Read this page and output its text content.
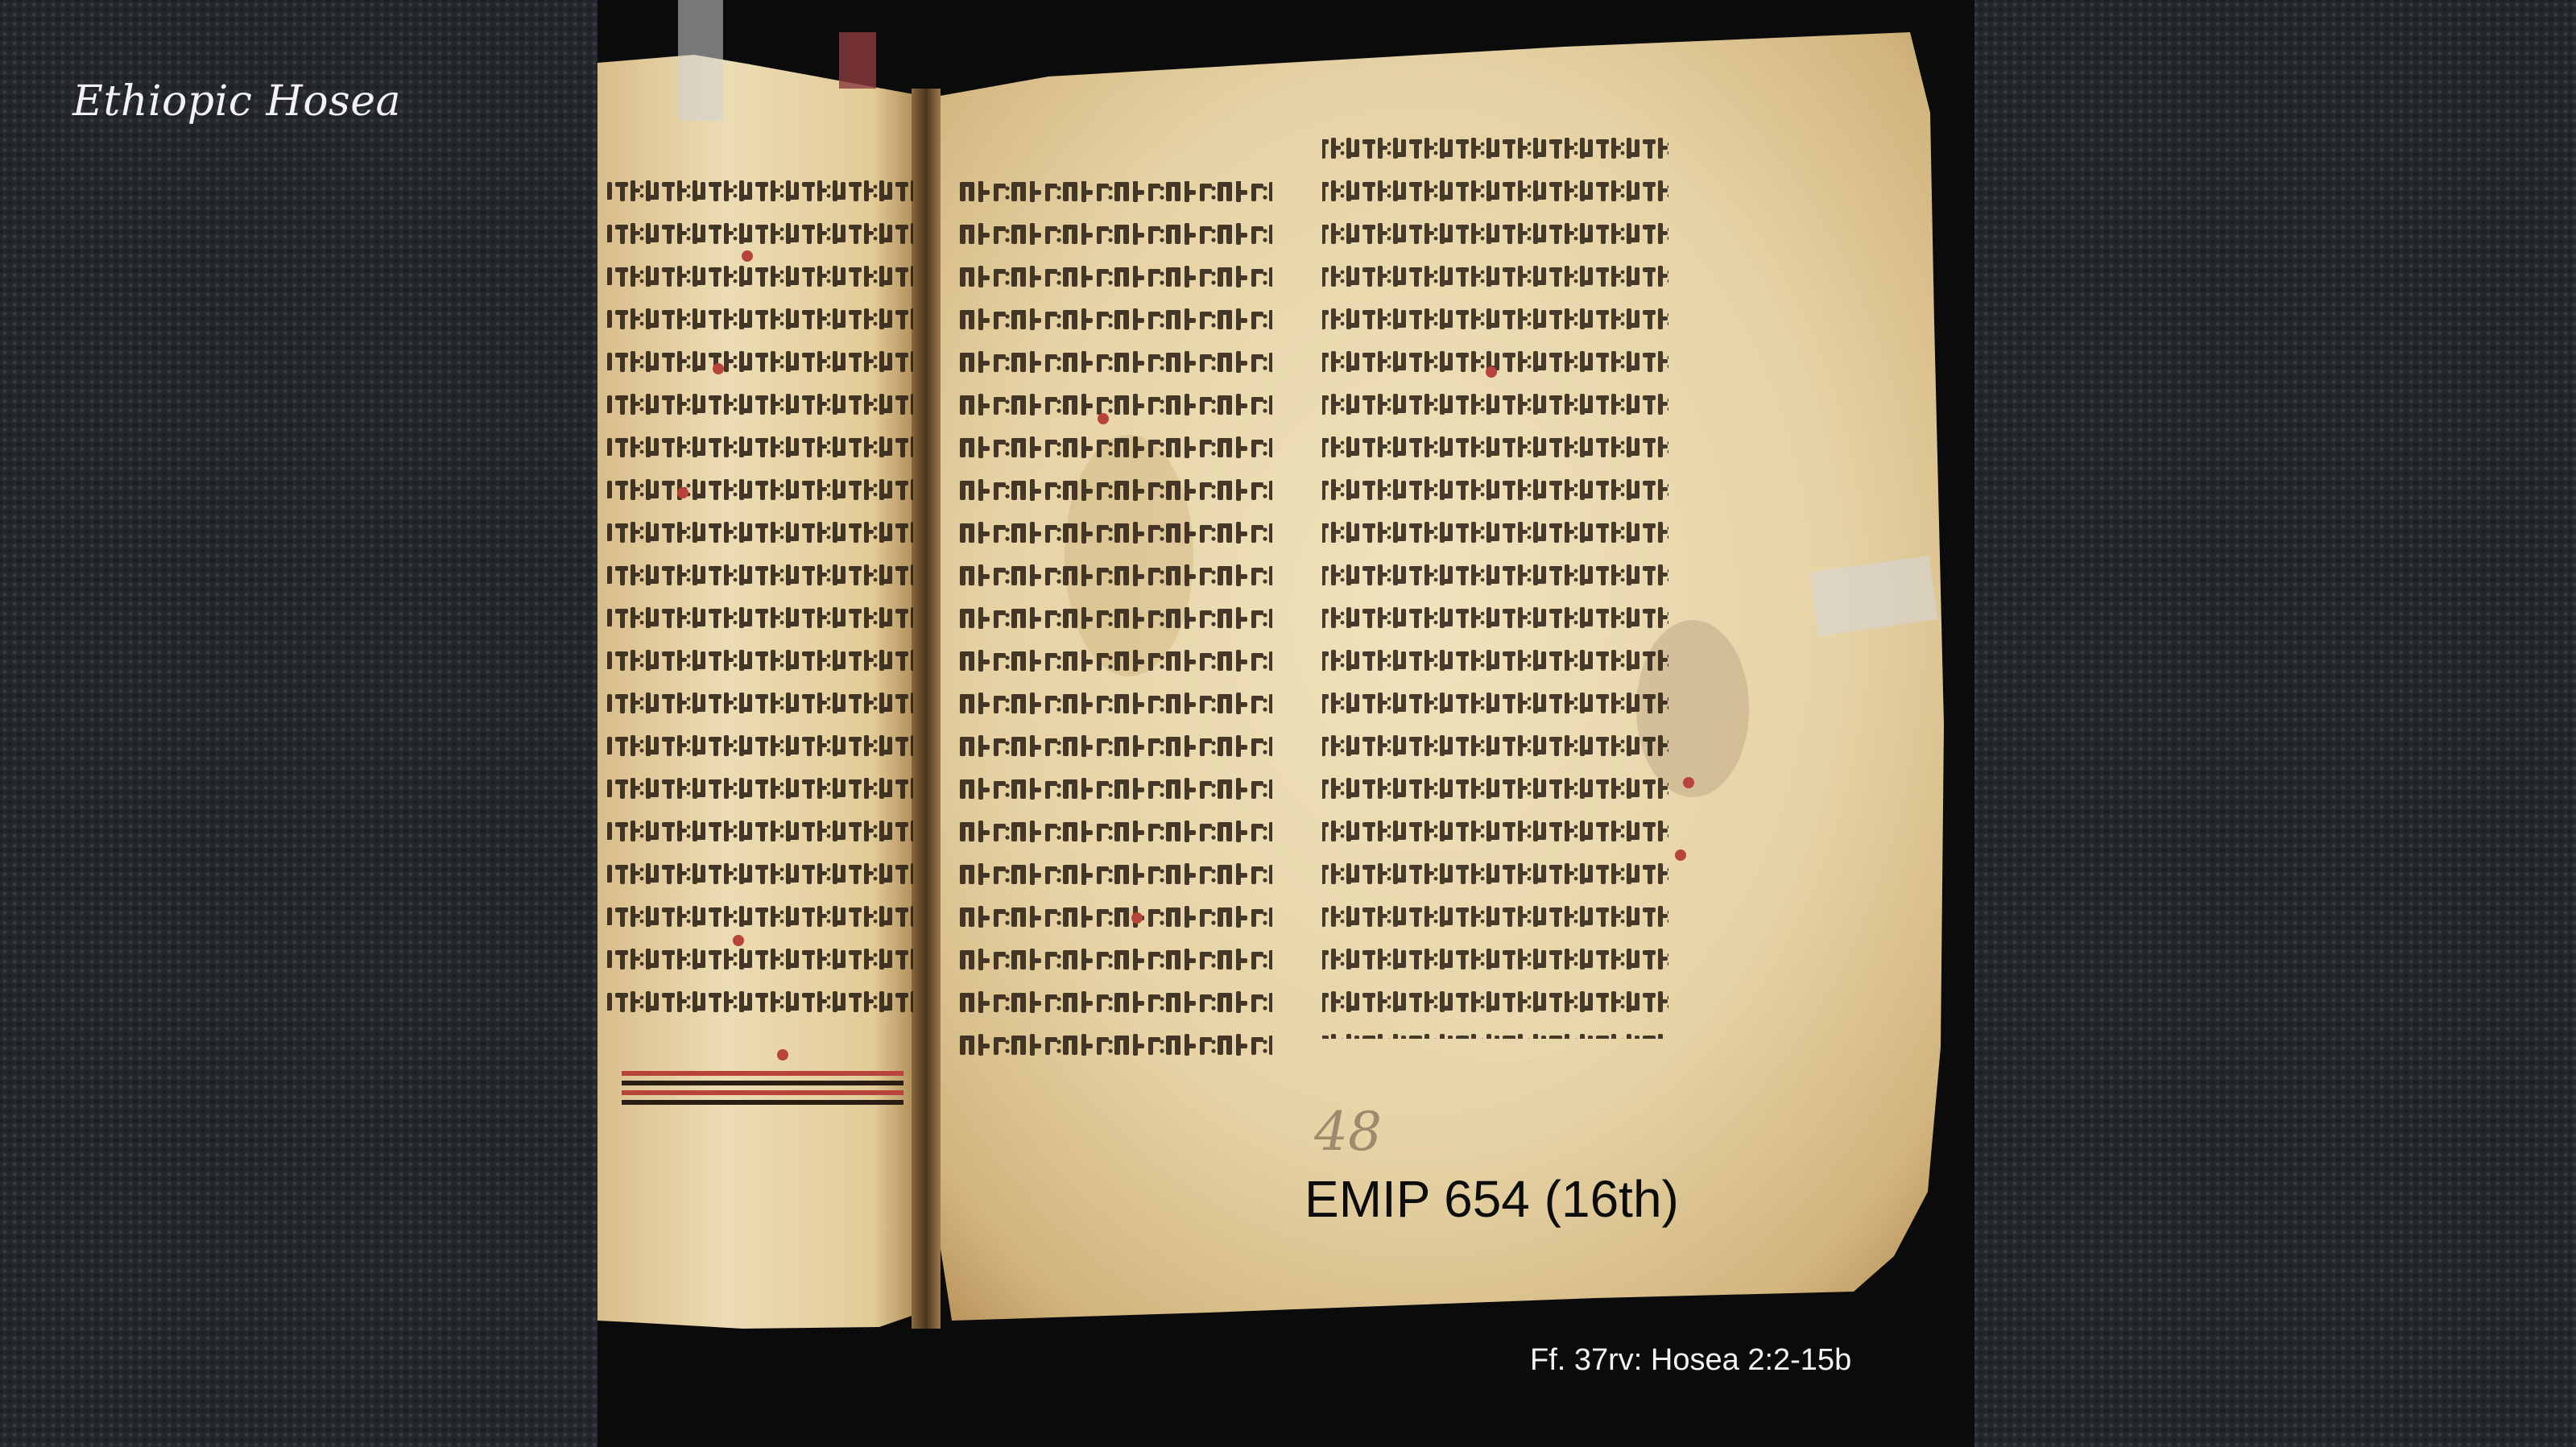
Ethiopic Hosea
48
EMIP 654 (16th)
Ff. 37rv: Hosea 2:2-15b
